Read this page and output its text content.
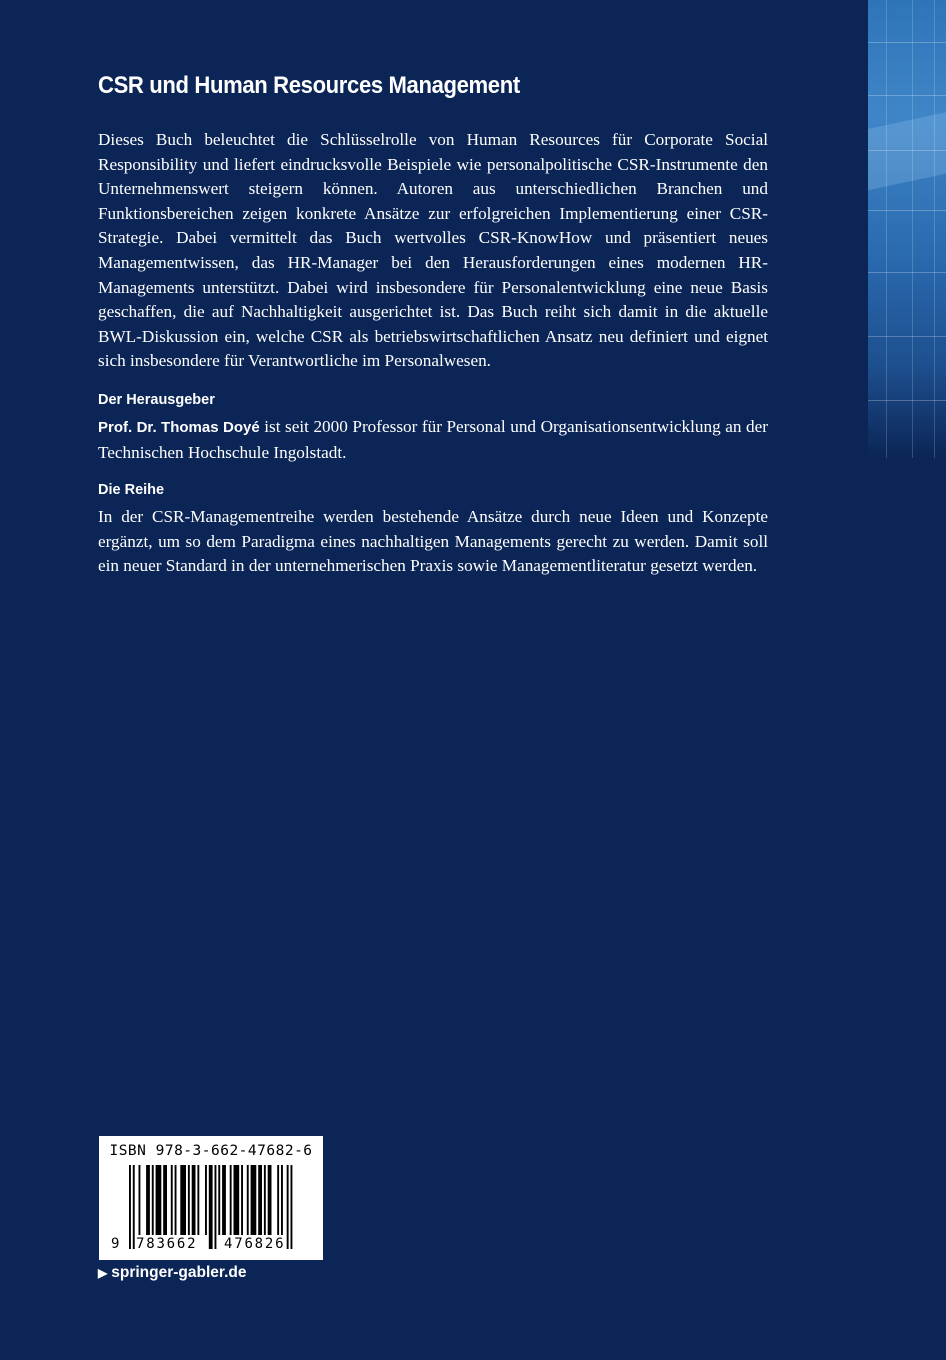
CSR und Human Resources Management
Dieses Buch beleuchtet die Schlüsselrolle von Human Resources für Corporate Social Responsibility und liefert eindrucksvolle Beispiele wie personalpolitische CSR-Instrumente den Unternehmenswert steigern können. Autoren aus unterschiedlichen Branchen und Funktionsbereichen zeigen konkrete Ansätze zur erfolgreichen Implementierung einer CSR-Strategie. Dabei vermittelt das Buch wertvolles CSR-KnowHow und präsentiert neues Managementwissen, das HR-Manager bei den Herausforderungen eines modernen HR-Managements unterstützt. Dabei wird insbesondere für Personalentwicklung eine neue Basis geschaffen, die auf Nachhaltigkeit ausgerichtet ist. Das Buch reiht sich damit in die aktuelle BWL-Diskussion ein, welche CSR als betriebswirtschaftlichen Ansatz neu definiert und eignet sich insbesondere für Verantwortliche im Personalwesen.
Der Herausgeber
Prof. Dr. Thomas Doyé ist seit 2000 Professor für Personal und Organisationsentwicklung an der Technischen Hochschule Ingolstadt.
Die Reihe
In der CSR-Managementreihe werden bestehende Ansätze durch neue Ideen und Konzepte ergänzt, um so dem Paradigma eines nachhaltigen Managements gerecht zu werden. Damit soll ein neuer Standard in der unternehmerischen Praxis sowie Managementliteratur gesetzt werden.
ISBN 978-3-662-47682-6
9 783662 476826
▶ springer-gabler.de
